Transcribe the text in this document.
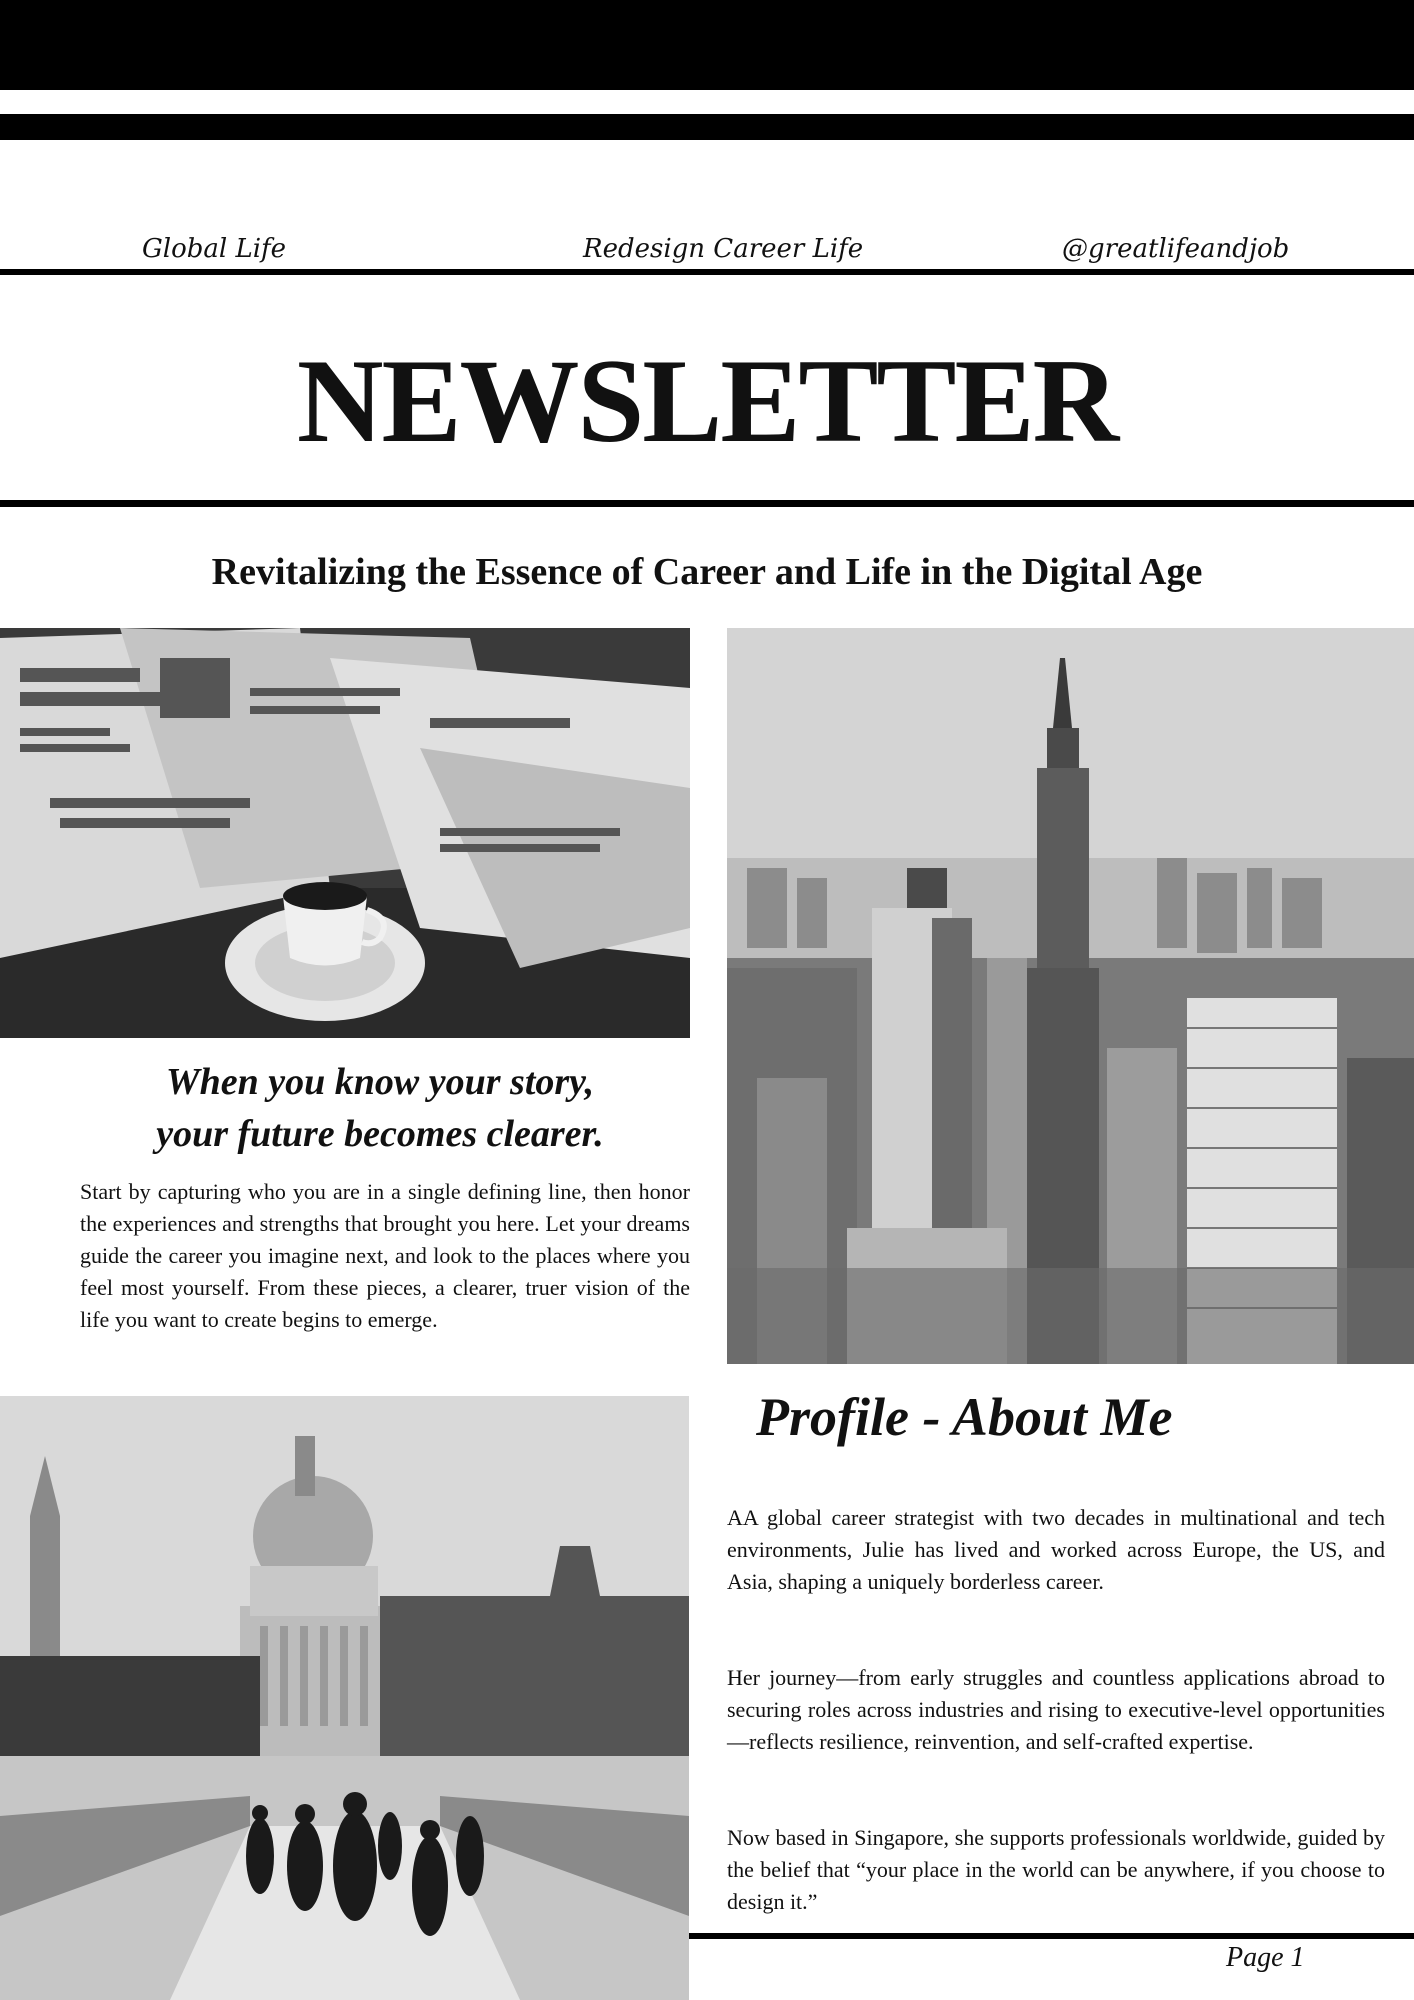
Global Life	Redesign Career Life	@greatlifeandjob
NEWSLETTER
Revitalizing the Essence of Career and Life in the Digital Age
When you know your story,
your future becomes clearer.
Start by capturing who you are in a single defining line, then honor the experiences and strengths that brought you here. Let your dreams guide the career you imagine next, and look to the places where you feel most yourself. From these pieces, a clearer, truer vision of the life you want to create begins to emerge.
Profile - About Me
AA global career strategist with two decades in multinational and tech environments, Julie has lived and worked across Europe, the US, and Asia, shaping a uniquely borderless career.
Her journey—from early struggles and countless applications abroad to securing roles across industries and rising to executive-level opportunities—reflects resilience, reinvention, and self-crafted expertise.
Now based in Singapore, she supports professionals worldwide, guided by the belief that “your place in the world can be anywhere, if you choose to design it.”
Page 1
